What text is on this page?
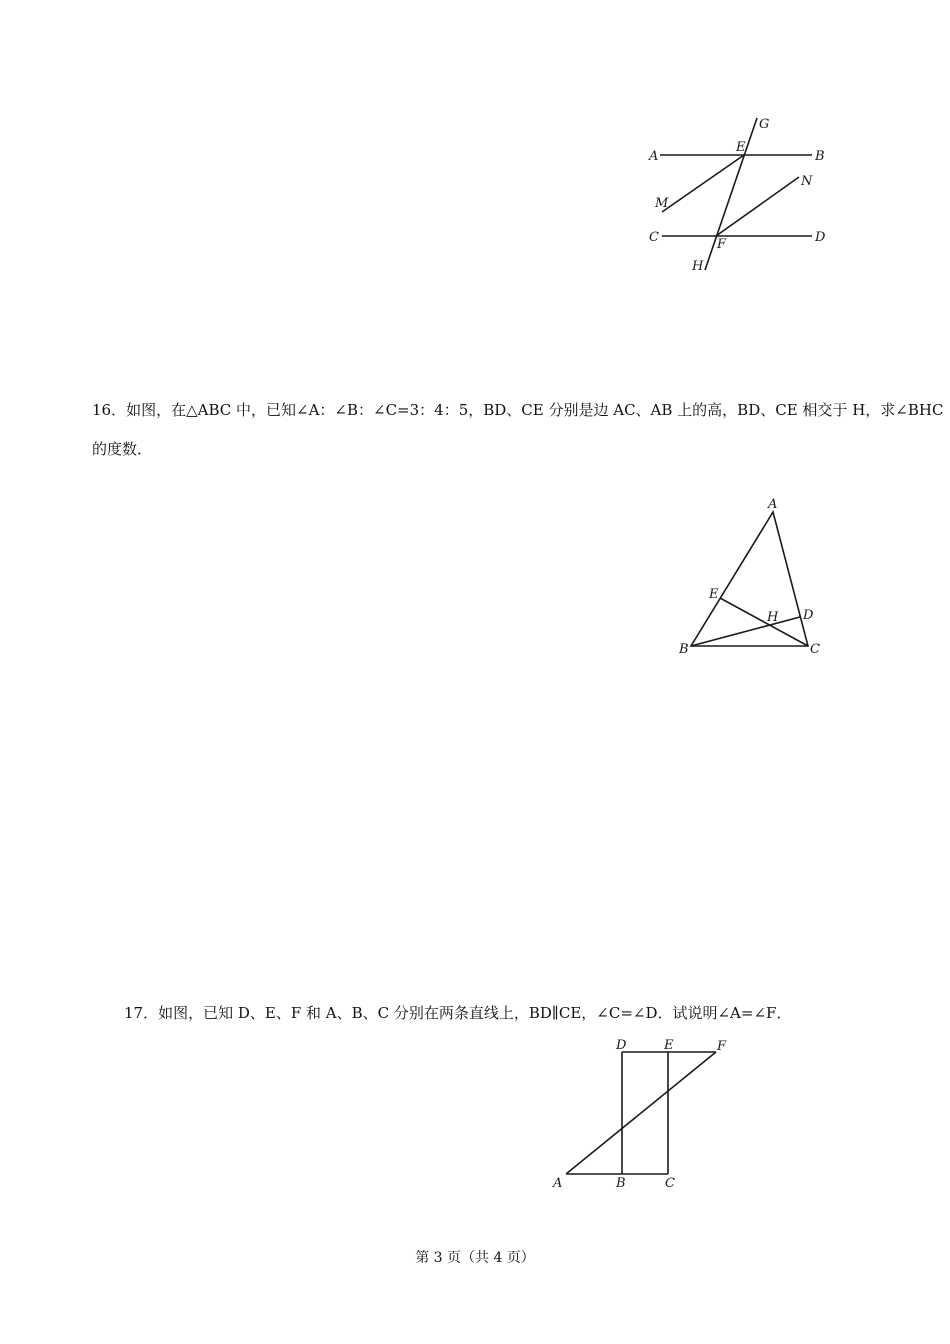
A	B
C	D
E
F
G
H
M
N

16．如图，在△ABC 中，已知∠A：∠B：∠C=3：4：5，BD、CE 分别是边 AC、AB 上的高，BD、CE 相交于 H，求∠BHC

的度数．

A
B	C
D
E
H

17．如图，已知 D、E、F 和 A、B、C 分别在两条直线上，BD∥CE，∠C=∠D．试说明∠A=∠F．

A	B	C
D	E	F

第 3 页（共 4 页）
